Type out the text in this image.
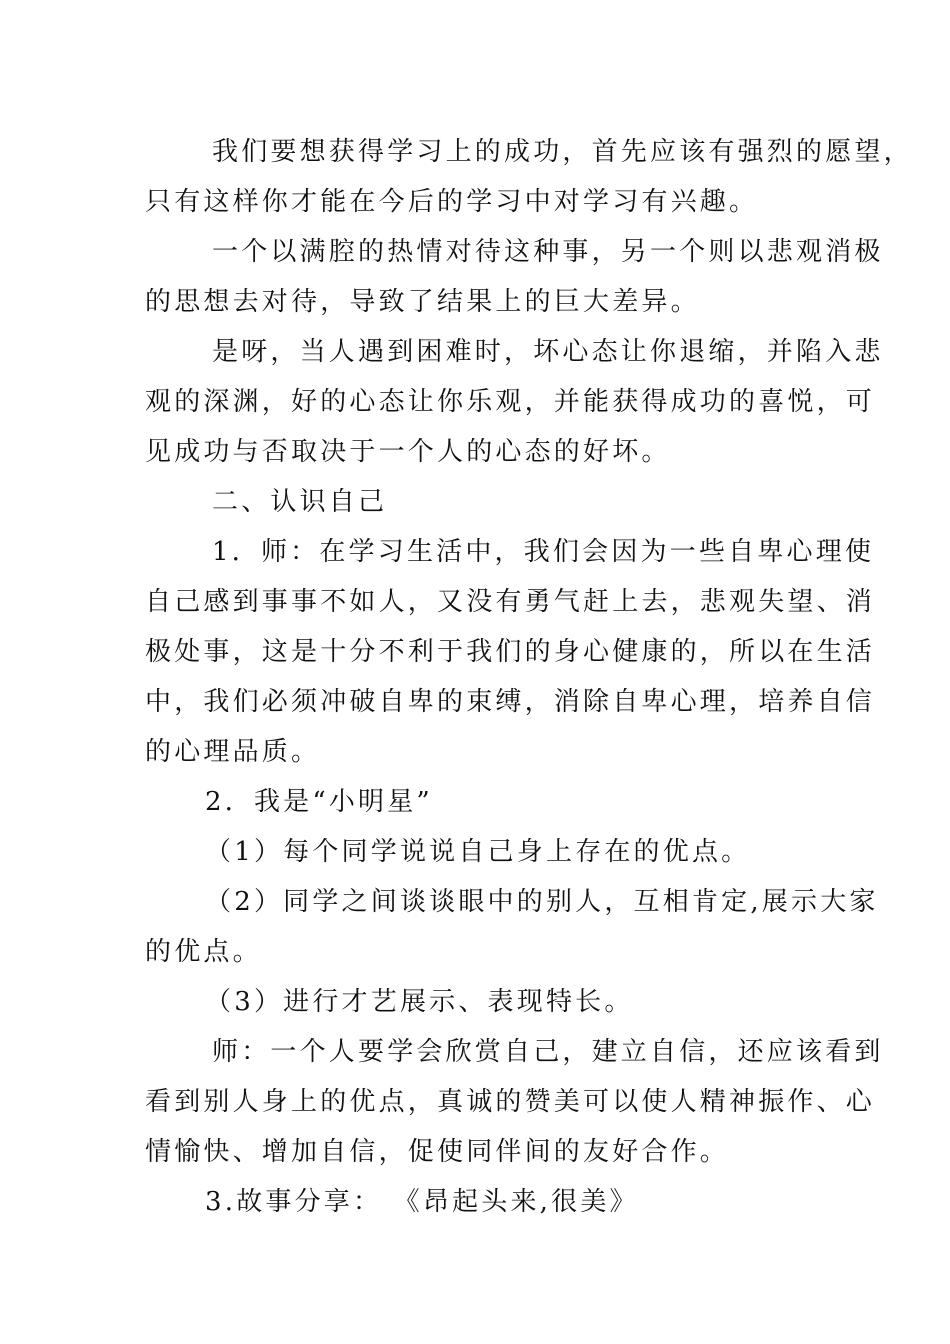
我们要想获得学习上的成功，首先应该有强烈的愿望，
只有这样你才能在今后的学习中对学习有兴趣。
一个以满腔的热情对待这种事，另一个则以悲观消极
的思想去对待，导致了结果上的巨大差异。
是呀，当人遇到困难时，坏心态让你退缩，并陷入悲
观的深渊，好的心态让你乐观，并能获得成功的喜悦，可
见成功与否取决于一个人的心态的好坏。
二、认识自己
1．师：在学习生活中，我们会因为一些自卑心理使
自己感到事事不如人，又没有勇气赶上去，悲观失望、消
极处事，这是十分不利于我们的身心健康的，所以在生活
中，我们必须冲破自卑的束缚，消除自卑心理，培养自信
的心理品质。
2．我是“小明星”
（1）每个同学说说自己身上存在的优点。
（2）同学之间谈谈眼中的别人，互相肯定,展示大家
的优点。
（3）进行才艺展示、表现特长。
师：一个人要学会欣赏自己，建立自信，还应该看到
看到别人身上的优点，真诚的赞美可以使人精神振作、心
情愉快、增加自信，促使同伴间的友好合作。
3.故事分享： 《昂起头来,很美》
